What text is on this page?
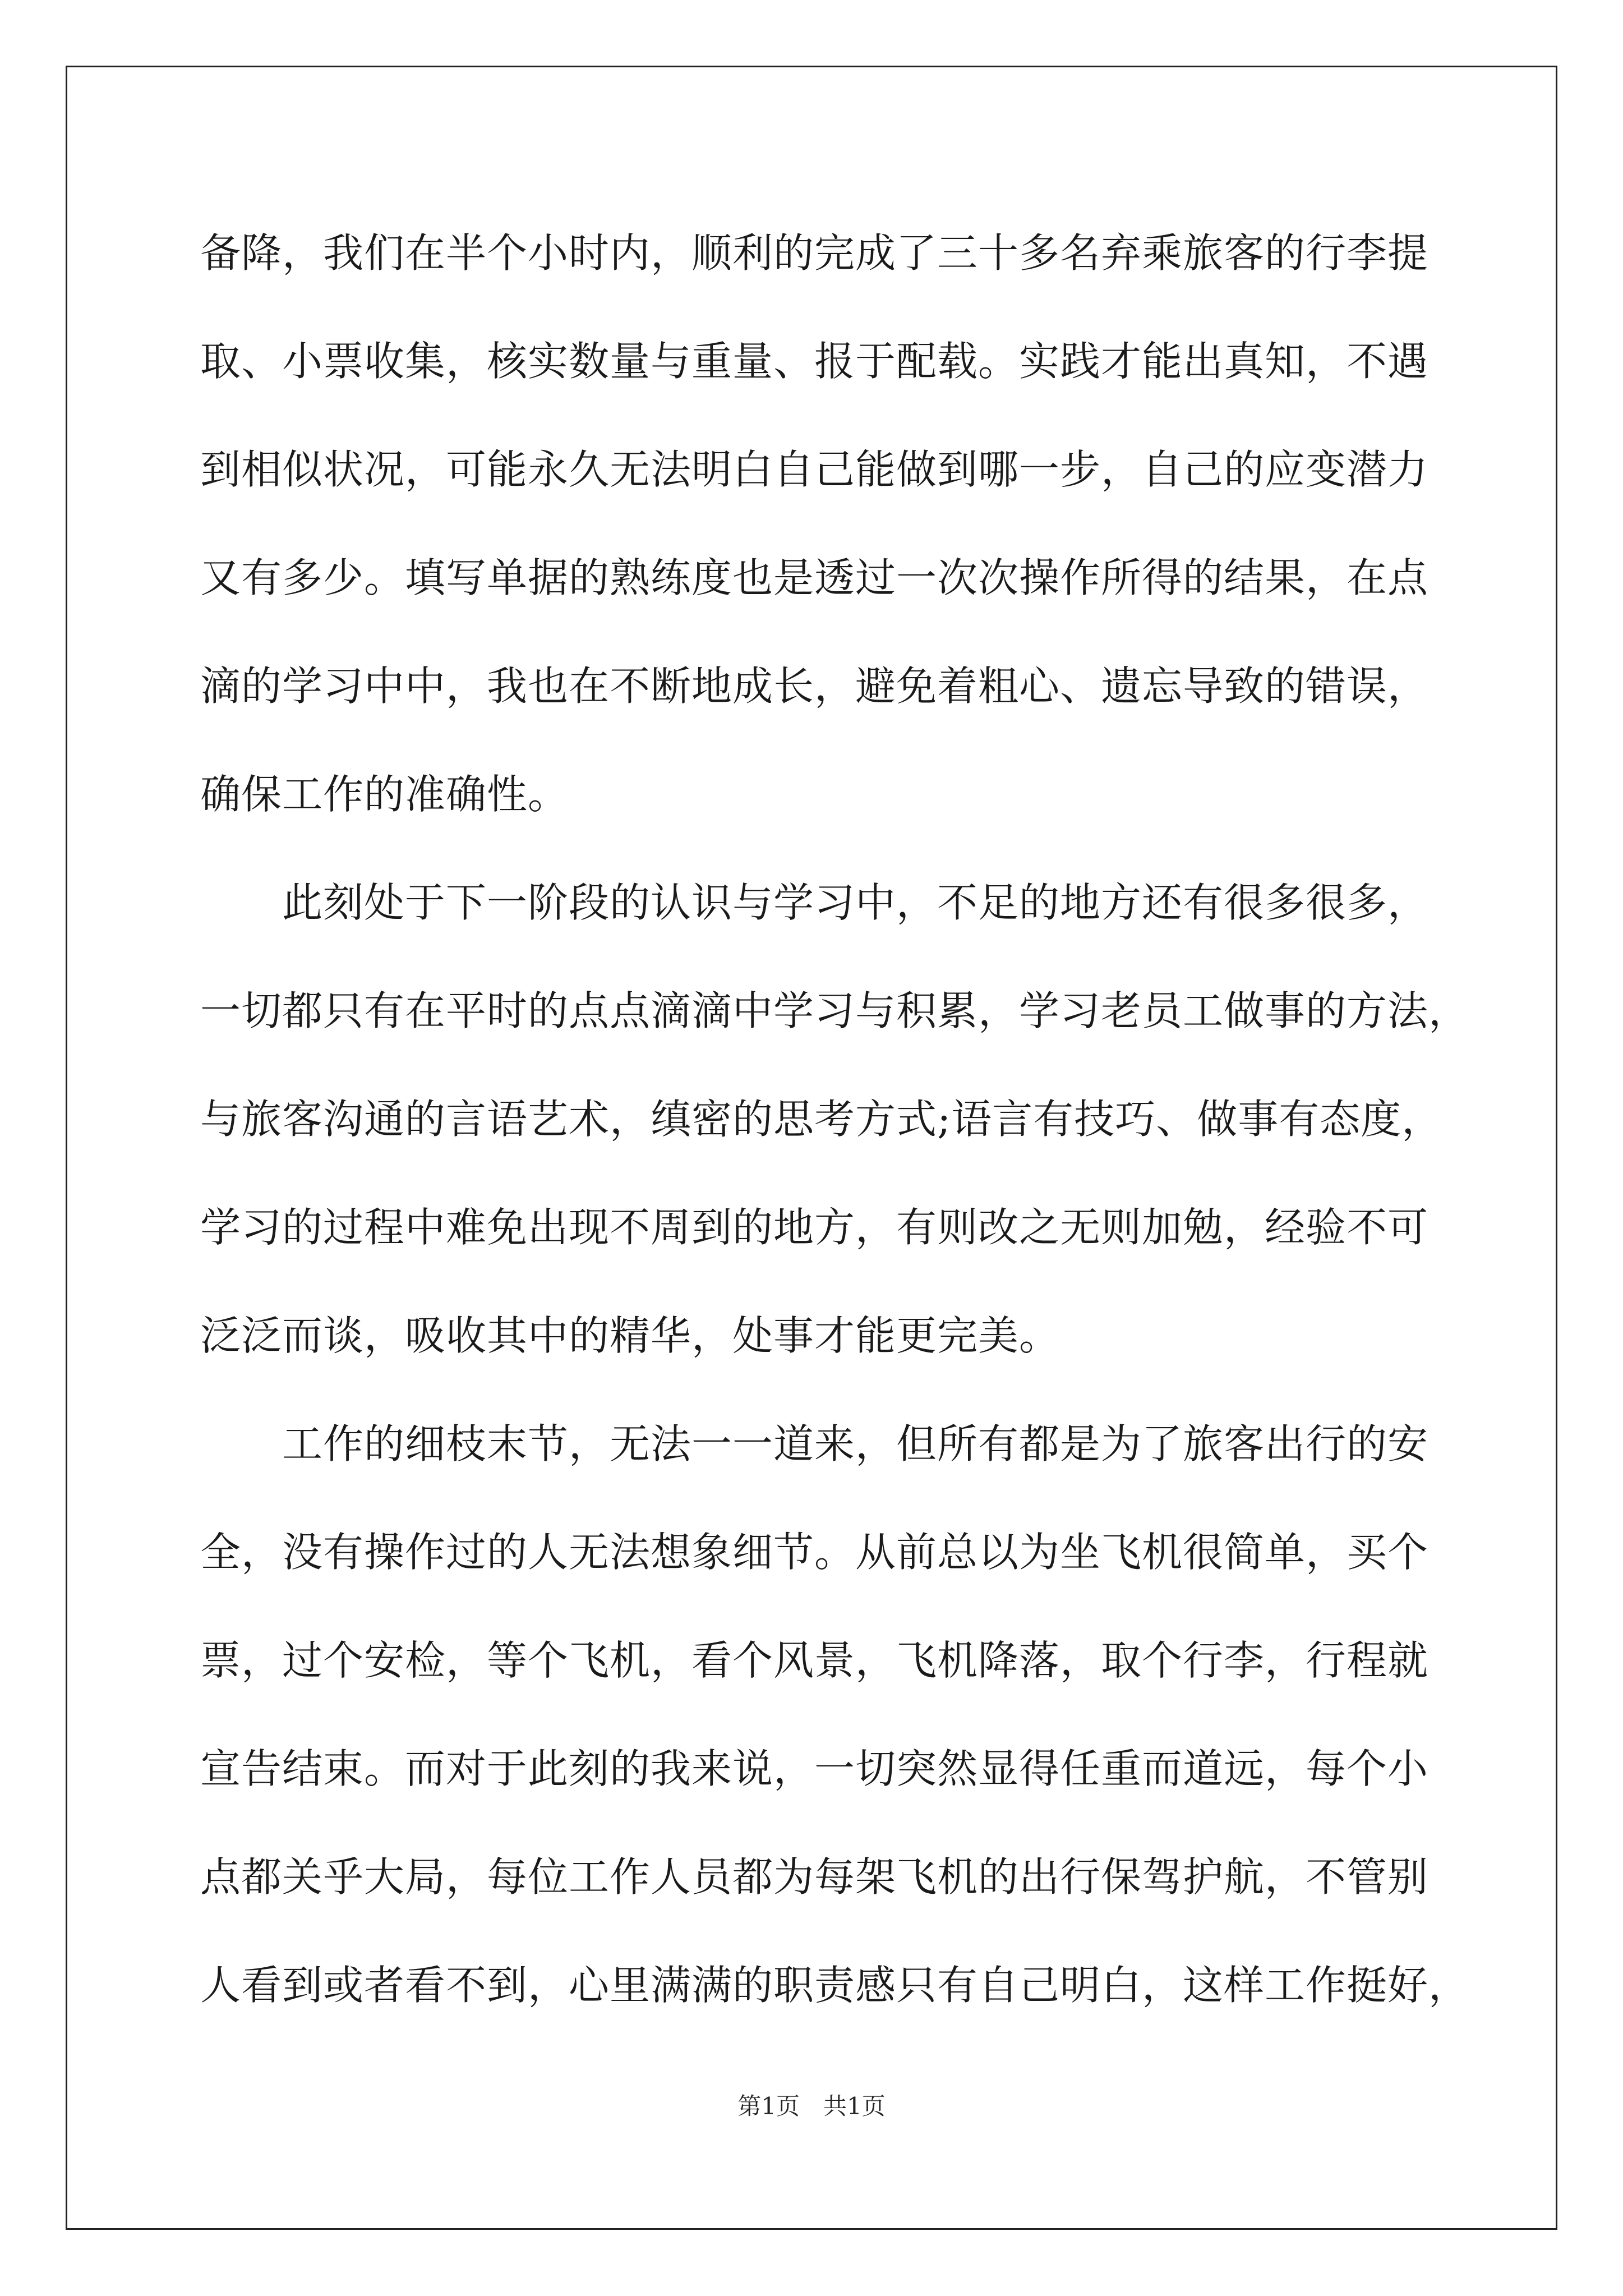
备降，我们在半个小时内，顺利的完成了三十多名弃乘旅客的行李提
取、小票收集，核实数量与重量、报于配载。实践才能出真知，不遇
到相似状况，可能永久无法明白自己能做到哪一步，自己的应变潜力
又有多少。填写单据的熟练度也是透过一次次操作所得的结果，在点
滴的学习中中，我也在不断地成长，避免着粗心、遗忘导致的错误，
确保工作的准确性。
　　此刻处于下一阶段的认识与学习中，不足的地方还有很多很多，
一切都只有在平时的点点滴滴中学习与积累，学习老员工做事的方法，
与旅客沟通的言语艺术，缜密的思考方式;语言有技巧、做事有态度，
学习的过程中难免出现不周到的地方，有则改之无则加勉，经验不可
泛泛而谈，吸收其中的精华，处事才能更完美。
　　工作的细枝末节，无法一一道来，但所有都是为了旅客出行的安
全，没有操作过的人无法想象细节。从前总以为坐飞机很简单，买个
票，过个安检，等个飞机，看个风景，飞机降落，取个行李，行程就
宣告结束。而对于此刻的我来说，一切突然显得任重而道远，每个小
点都关乎大局，每位工作人员都为每架飞机的出行保驾护航，不管别
人看到或者看不到，心里满满的职责感只有自己明白，这样工作挺好，
第1页　共1页
